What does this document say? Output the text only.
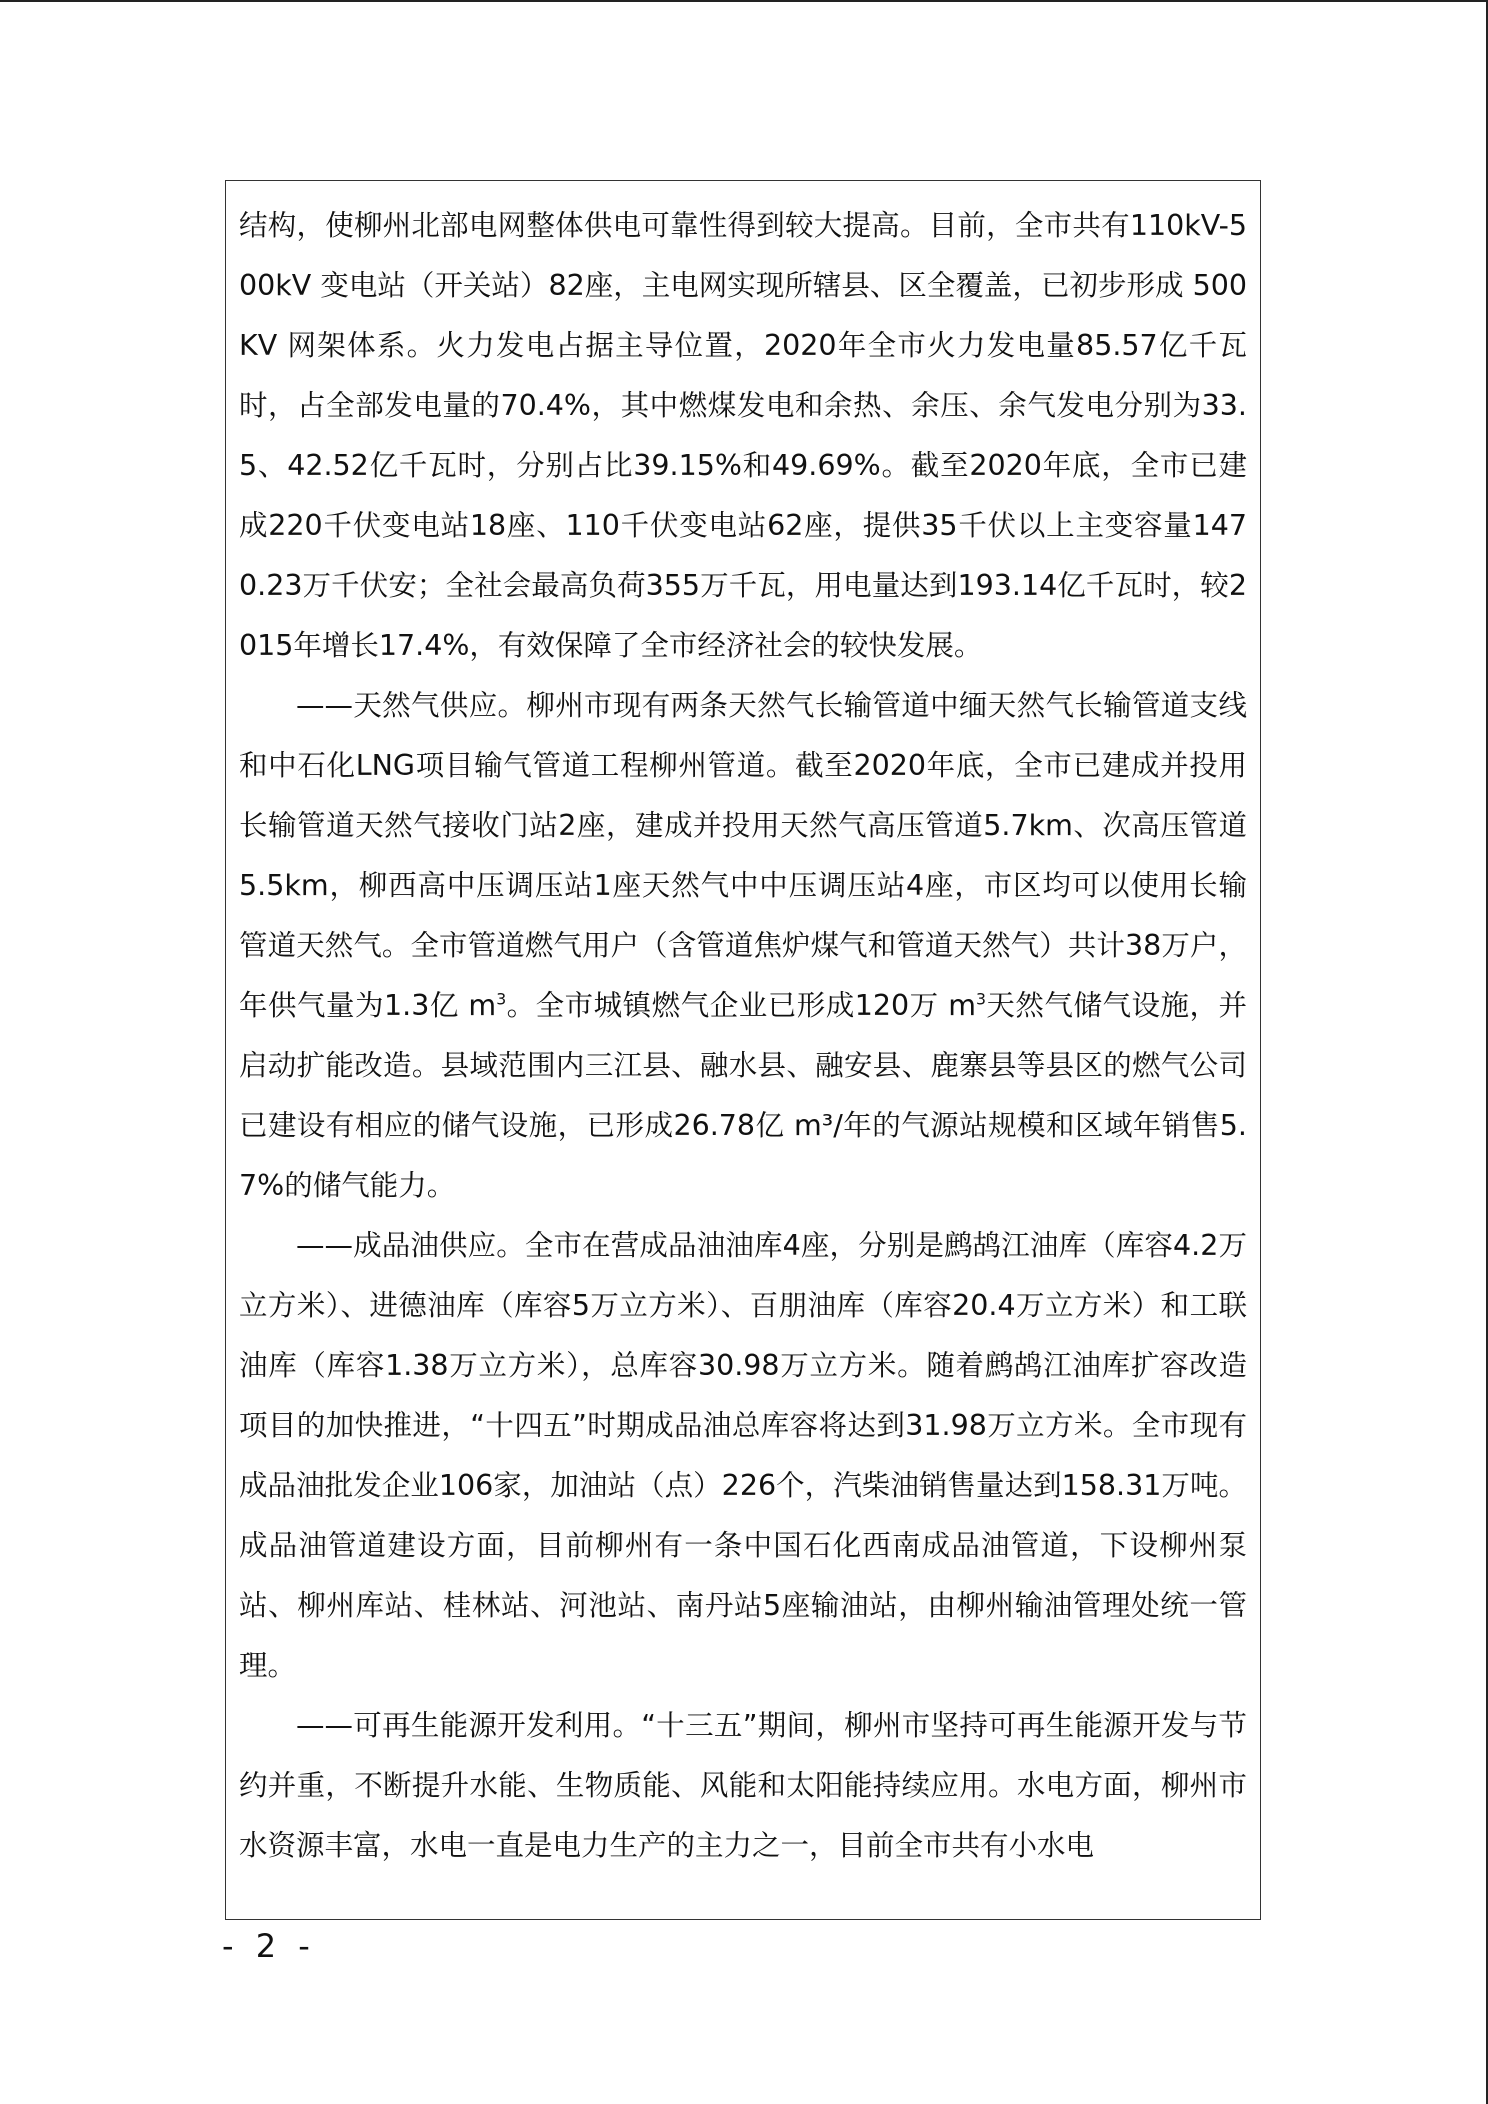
结构，使柳州北部电网整体供电可靠性得到较大提高。目前，全市共有110kV-500kV 变电站（开关站）82座，主电网实现所辖县、区全覆盖，已初步形成 500KV 网架体系。火力发电占据主导位置，2020年全市火力发电量85.57亿千瓦时，占全部发电量的70.4%，其中燃煤发电和余热、余压、余气发电分别为33.5、42.52亿千瓦时，分别占比39.15%和49.69%。截至2020年底，全市已建成220千伏变电站18座、110千伏变电站62座，提供35千伏以上主变容量1470.23万千伏安；全社会最高负荷355万千瓦，用电量达到193.14亿千瓦时，较2015年增长17.4%，有效保障了全市经济社会的较快发展。

——天然气供应。柳州市现有两条天然气长输管道中缅天然气长输管道支线和中石化LNG项目输气管道工程柳州管道。截至2020年底，全市已建成并投用长输管道天然气接收门站2座，建成并投用天然气高压管道5.7km、次高压管道5.5km，柳西高中压调压站1座天然气中中压调压站4座，市区均可以使用长输管道天然气。全市管道燃气用户（含管道焦炉煤气和管道天然气）共计38万户，年供气量为1.3亿 $m^3$。全市城镇燃气企业已形成120万 $m^3$天然气储气设施，并启动扩能改造。县域范围内三江县、融水县、融安县、鹿寨县等县区的燃气公司已建设有相应的储气设施，已形成26.78亿 m³/年的气源站规模和区域年销售5.7%的储气能力。

——成品油供应。全市在营成品油油库4座，分别是鹧鸪江油库（库容4.2万立方米）、进德油库（库容5万立方米）、百朋油库（库容20.4万立方米）和工联油库（库容1.38万立方米），总库容30.98万立方米。随着鹧鸪江油库扩容改造项目的加快推进，“十四五”时期成品油总库容将达到31.98万立方米。全市现有成品油批发企业106家，加油站（点）226个，汽柴油销售量达到158.31万吨。成品油管道建设方面，目前柳州有一条中国石化西南成品油管道，下设柳州泵站、柳州库站、桂林站、河池站、南丹站5座输油站，由柳州输油管理处统一管理。

——可再生能源开发利用。“十三五”期间，柳州市坚持可再生能源开发与节约并重，不断提升水能、生物质能、风能和太阳能持续应用。水电方面，柳州市水资源丰富，水电一直是电力生产的主力之一，目前全市共有小水电

- 2 -
